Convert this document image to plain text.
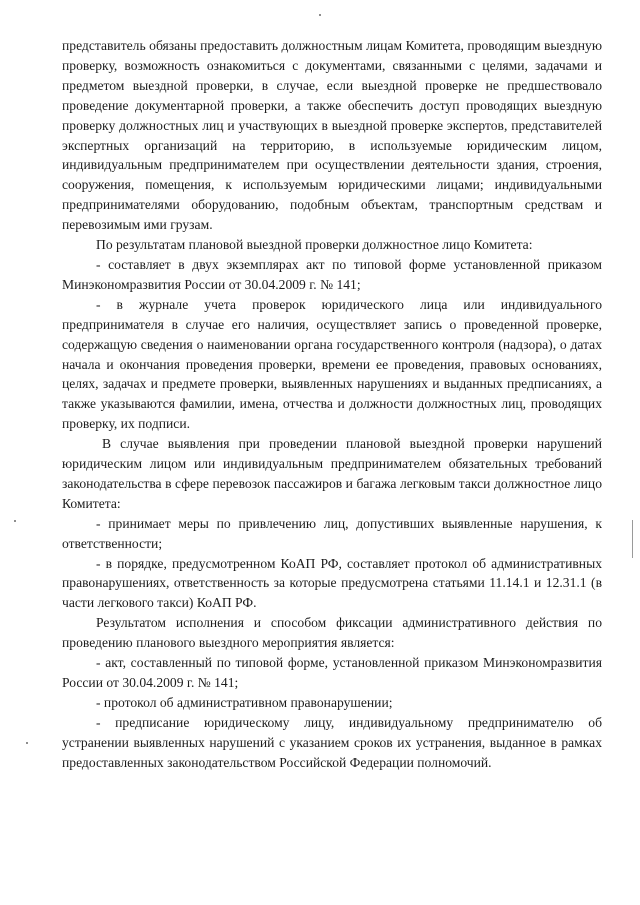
представитель обязаны предоставить должностным лицам Комитета, проводящим выездную проверку, возможность ознакомиться с документами, связанными с целями, задачами и предметом выездной проверки, в случае, если выездной проверке не предшествовало проведение документарной проверки, а также обеспечить доступ проводящих выездную проверку должностных лиц и участвующих в выездной проверке экспертов, представителей экспертных организаций на территорию, в используемые юридическим лицом, индивидуальным предпринимателем при осуществлении деятельности здания, строения, сооружения, помещения, к используемым юридическими лицами; индивидуальными предпринимателями оборудованию, подобным объектам, транспортным средствам и перевозимым ими грузам.

По результатам плановой выездной проверки должностное лицо Комитета:

- составляет в двух экземплярах акт по типовой форме установленной приказом Минэкономразвития России от 30.04.2009 г. № 141;

- в журнале учета проверок юридического лица или индивидуального предпринимателя в случае его наличия, осуществляет запись о проведенной проверке, содержащую сведения о наименовании органа государственного контроля (надзора), о датах начала и окончания проведения проверки, времени ее проведения, правовых основаниях, целях, задачах и предмете проверки, выявленных нарушениях и выданных предписаниях, а также указываются фамилии, имена, отчества и должности должностных лиц, проводящих проверку, их подписи.

В случае выявления при проведении плановой выездной проверки нарушений юридическим лицом или индивидуальным предпринимателем обязательных требований законодательства в сфере перевозок пассажиров и багажа легковым такси должностное лицо Комитета:

- принимает меры по привлечению лиц, допустивших выявленные нарушения, к ответственности;

- в порядке, предусмотренном КоАП РФ, составляет протокол об административных правонарушениях, ответственность за которые предусмотрена статьями 11.14.1 и 12.31.1 (в части легкового такси) КоАП РФ.

Результатом исполнения и способом фиксации административного действия по проведению планового выездного мероприятия является:

- акт, составленный по типовой форме, установленной приказом Минэкономразвития России от 30.04.2009 г. № 141;

- протокол об административном правонарушении;

- предписание юридическому лицу, индивидуальному предпринимателю об устранении выявленных нарушений с указанием сроков их устранения, выданное в рамках предоставленных законодательством Российской Федерации полномочий.
